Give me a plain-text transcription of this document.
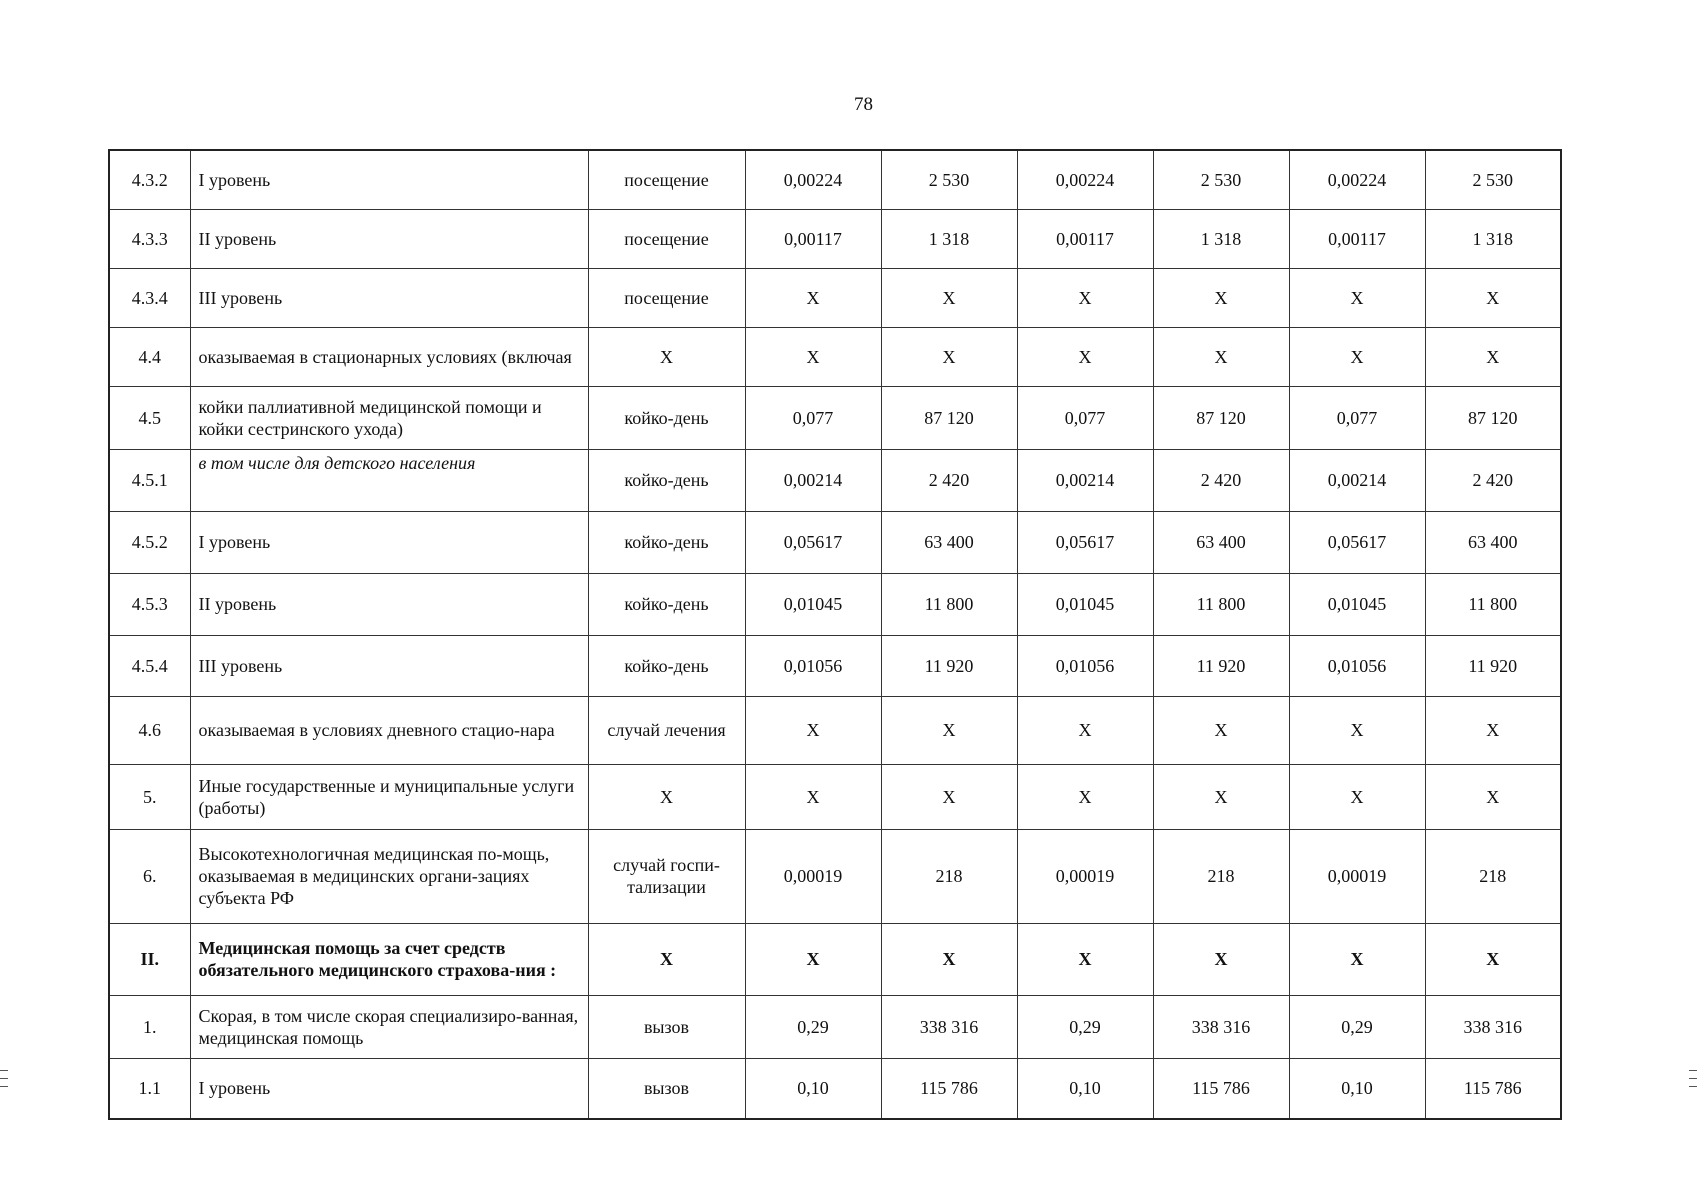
78
4.3.2	I уровень	посещение	0,00224	2 530	0,00224	2 530	0,00224	2 530
4.3.3	II уровень	посещение	0,00117	1 318	0,00117	1 318	0,00117	1 318
4.3.4	III уровень	посещение	X	X	X	X	X	X
4.4	оказываемая в стационарных условиях (включая	X	X	X	X	X	X	X
4.5	койки паллиативной медицинской помощи и койки сестринского ухода)	койко-день	0,077	87 120	0,077	87 120	0,077	87 120
4.5.1	в том числе для детского населения	койко-день	0,00214	2 420	0,00214	2 420	0,00214	2 420
4.5.2	I уровень	койко-день	0,05617	63 400	0,05617	63 400	0,05617	63 400
4.5.3	II уровень	койко-день	0,01045	11 800	0,01045	11 800	0,01045	11 800
4.5.4	III уровень	койко-день	0,01056	11 920	0,01056	11 920	0,01056	11 920
4.6	оказываемая в условиях дневного стацио-нара	случай лечения	X	X	X	X	X	X
5.	Иные государственные и муниципальные услуги (работы)	X	X	X	X	X	X	X
6.	Высокотехнологичная медицинская по-мощь, оказываемая в медицинских органи-зациях субъекта РФ	случай госпи-тализации	0,00019	218	0,00019	218	0,00019	218
II.	Медицинская помощь за счет средств обязательного медицинского страхова-ния :	X	X	X	X	X	X	X
1.	Скорая, в том числе скорая специализиро-ванная, медицинская помощь	вызов	0,29	338 316	0,29	338 316	0,29	338 316
1.1	I уровень	вызов	0,10	115 786	0,10	115 786	0,10	115 786
